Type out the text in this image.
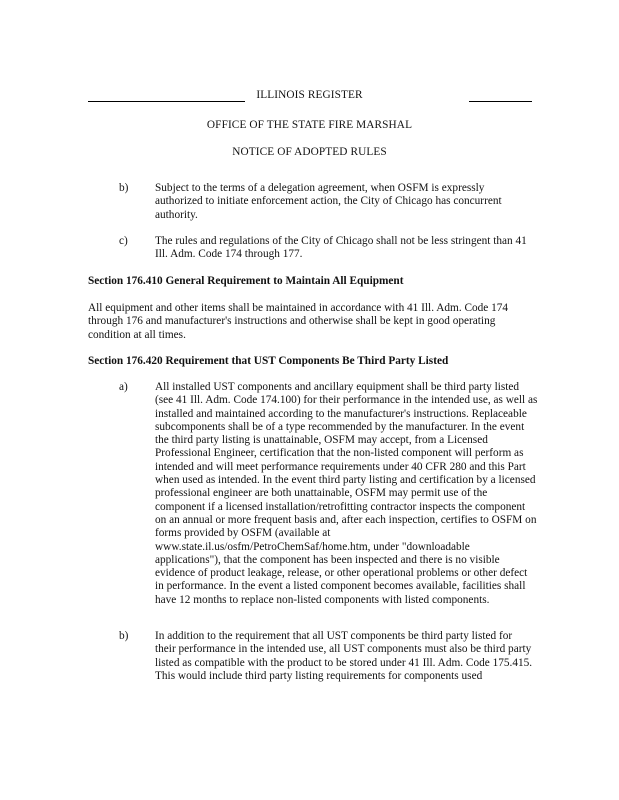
ILLINOIS REGISTER
OFFICE OF THE STATE FIRE MARSHAL
NOTICE OF ADOPTED RULES
b) Subject to the terms of a delegation agreement, when OSFM is expressly authorized to initiate enforcement action, the City of Chicago has concurrent authority.
c) The rules and regulations of the City of Chicago shall not be less stringent than 41 Ill. Adm. Code 174 through 177.
Section 176.410 General Requirement to Maintain All Equipment
All equipment and other items shall be maintained in accordance with 41 Ill. Adm. Code 174 through 176 and manufacturer's instructions and otherwise shall be kept in good operating condition at all times.
Section 176.420 Requirement that UST Components Be Third Party Listed
a) All installed UST components and ancillary equipment shall be third party listed (see 41 Ill. Adm. Code 174.100) for their performance in the intended use, as well as installed and maintained according to the manufacturer's instructions. Replaceable subcomponents shall be of a type recommended by the manufacturer. In the event the third party listing is unattainable, OSFM may accept, from a Licensed Professional Engineer, certification that the non-listed component will perform as intended and will meet performance requirements under 40 CFR 280 and this Part when used as intended. In the event third party listing and certification by a licensed professional engineer are both unattainable, OSFM may permit use of the component if a licensed installation/retrofitting contractor inspects the component on an annual or more frequent basis and, after each inspection, certifies to OSFM on forms provided by OSFM (available at www.state.il.us/osfm/PetroChemSaf/home.htm, under "downloadable applications"), that the component has been inspected and there is no visible evidence of product leakage, release, or other operational problems or other defect in performance. In the event a listed component becomes available, facilities shall have 12 months to replace non-listed components with listed components.
b) In addition to the requirement that all UST components be third party listed for their performance in the intended use, all UST components must also be third party listed as compatible with the product to be stored under 41 Ill. Adm. Code 175.415. This would include third party listing requirements for components used
